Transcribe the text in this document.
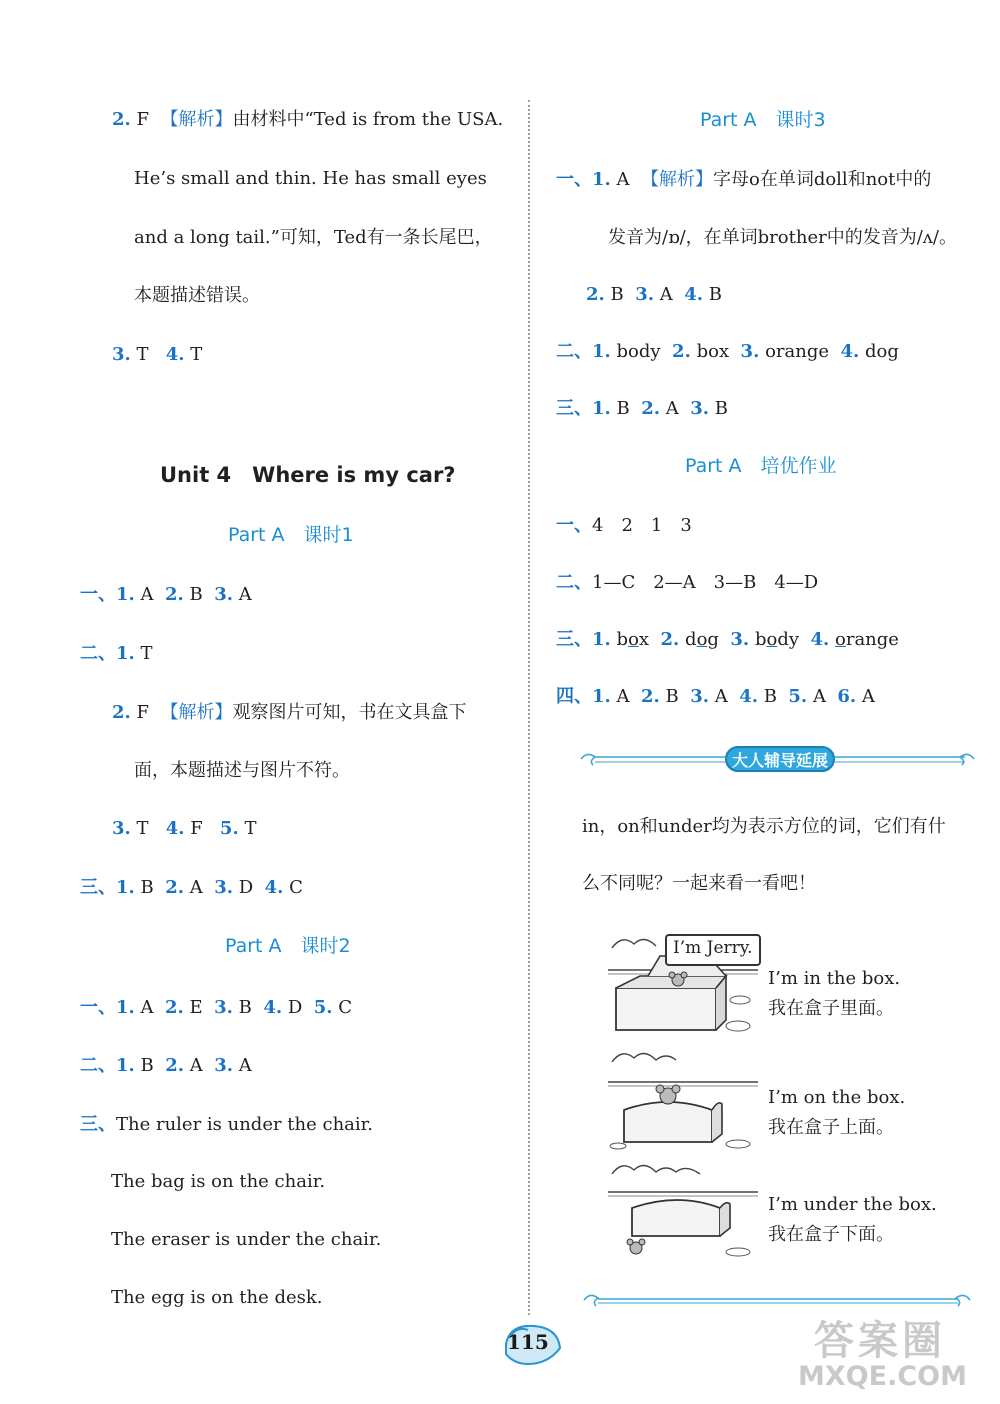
2. F 【解析】由材料中“Ted is from the USA.
He’s small and thin. He has small eyes
and a long tail.”可知，Ted有一条长尾巴，
本题描述错误。
3. T 4. T
Unit 4　Where is my car?
Part A　课时1
一、1. A 2. B 3. A
二、1. T
2. F 【解析】观察图片可知，书在文具盒下
面，本题描述与图片不符。
3. T 4. F 5. T
三、1. B 2. A 3. D 4. C
Part A　课时2
一、1. A 2. E 3. B 4. D 5. C
二、1. B 2. A 3. A
三、The ruler is under the chair.
The bag is on the chair.
The eraser is under the chair.
The egg is on the desk.
Part A　课时3
一、1. A 【解析】字母o在单词doll和not中的
发音为/ɒ/，在单词brother中的发音为/ʌ/。
2. B 3. A 4. B
二、1. body 2. box 3. orange 4. dog
三、1. B 2. A 3. B
Part A　培优作业
一、4　2　1　3
二、1—C　2—A　3—B　4—D
三、1. box 2. dog 3. body 4. orange
四、1. A 2. B 3. A 4. B 5. A 6. A
大人辅导延展
in，on和under均为表示方位的词，它们有什
么不同呢？一起来看一看吧！
I’m Jerry.
I’m in the box.
我在盒子里面。
I’m on the box.
我在盒子上面。
I’m under the box.
我在盒子下面。
115	答案圈
MXQE.COM
